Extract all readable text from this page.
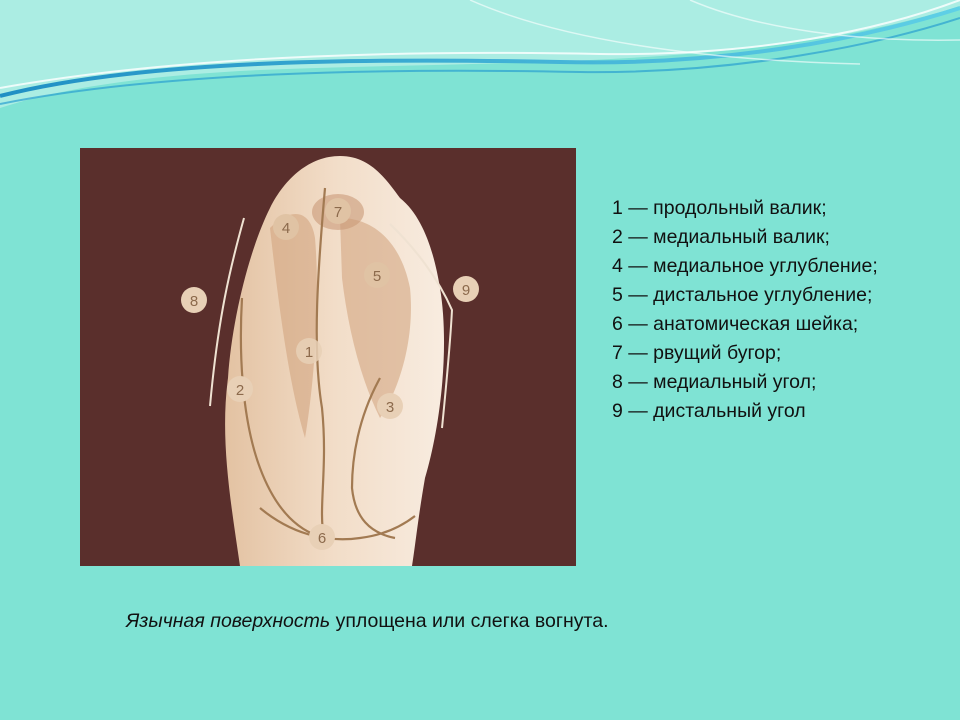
1
2
3
4
5
6
7
8
9
1 — продольный валик;
2 — медиальный валик;
4 — медиальное углубление;
5 — дистальное углубление;
6 — анатомическая шейка;
7 — рвущий бугор;
8 — медиальный угол;
9 — дистальный угол
Язычная поверхность уплощена или слегка вогнута.
